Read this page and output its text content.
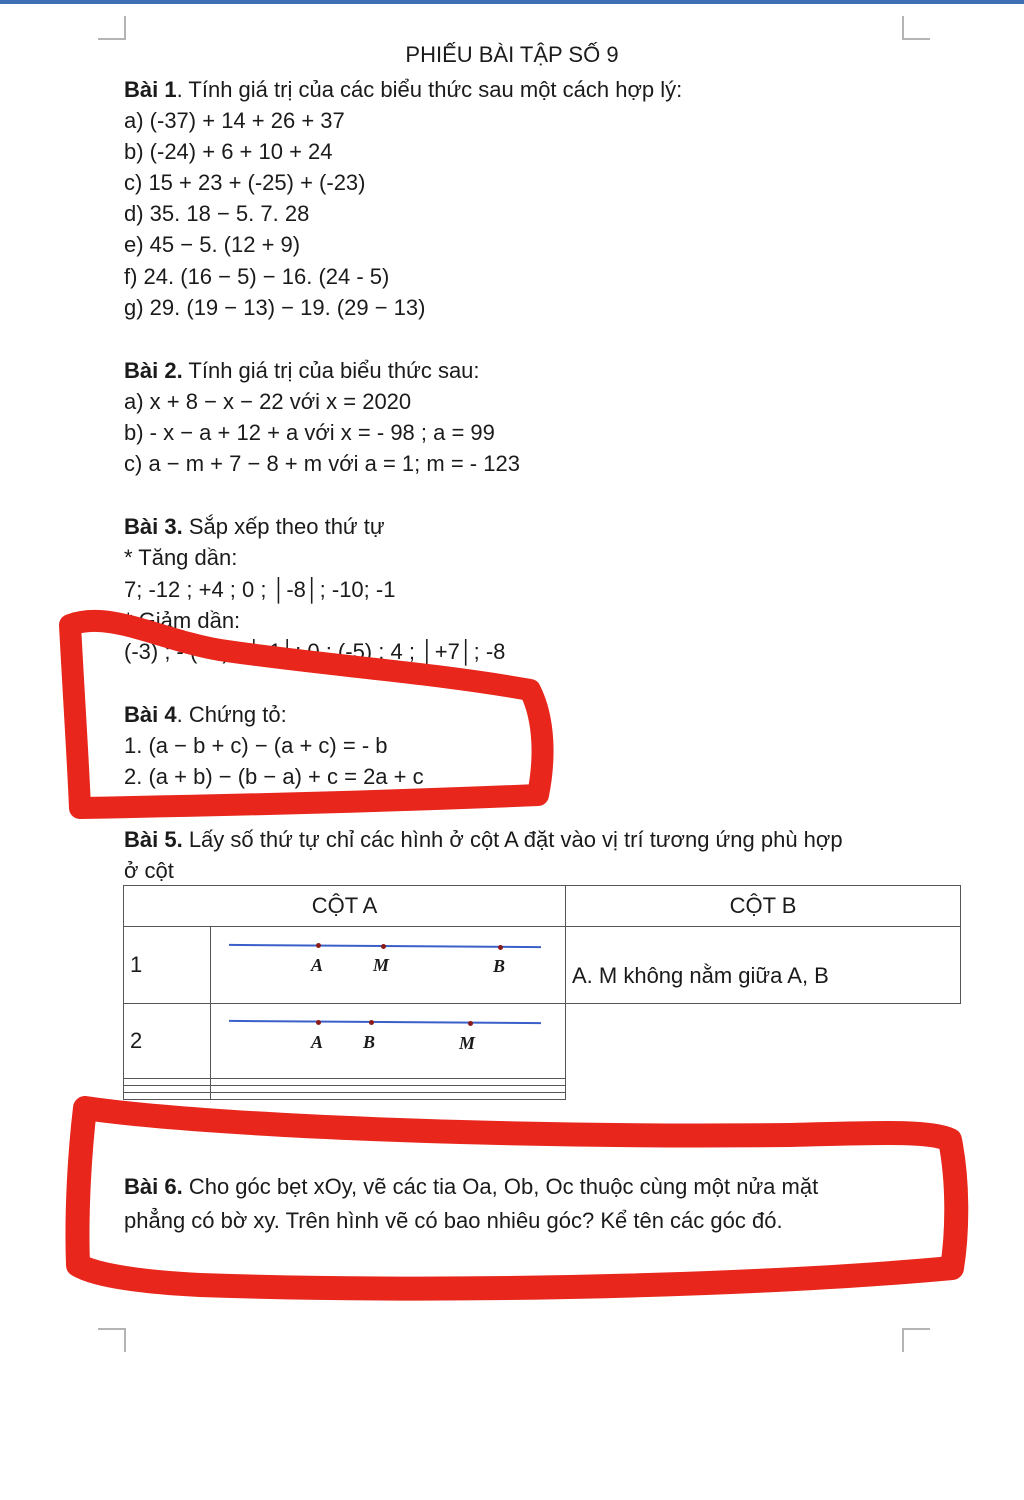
PHIẾU BÀI TẬP SỐ 9
Bài 1. Tính giá trị của các biểu thức sau một cách hợp lý:
a) (-37) + 14 + 26 + 37
b) (-24) + 6 + 10 + 24
c) 15 + 23 + (-25) + (-23)
d) 35. 18 − 5. 7. 28
e) 45 − 5. (12 + 9)
f) 24. (16 − 5) − 16. (24 - 5)
g) 29. (19 − 13) − 19. (29 − 13)
Bài 2. Tính giá trị của biểu thức sau:
a) x + 8 − x − 22 với x = 2020
b) - x − a + 12 + a với x = - 98 ; a = 99
c) a − m + 7 − 8 + m với a = 1; m = - 123
Bài 3. Sắp xếp theo thứ tự
* Tăng dần:
7; -12 ; +4 ; 0 ; │-8│; -10; -1
* Giảm dần:
(-3) ; - (+2) ; │-1│; 0 ; (-5) ; 4 ; │+7│; -8
Bài 4. Chứng tỏ:
1. (a − b + c) − (a + c) = - b
2. (a + b) − (b − a) + c = 2a + c
Bài 5. Lấy số thứ tự chỉ các hình ở cột A đặt vào vị trí tương ứng phù hợp
ở cột
CỘT A		CỘT B
1	A M B	A. M không nằm giữa A, B
2	A B M	

Bài 6. Cho góc bẹt xOy, vẽ các tia Oa, Ob, Oc thuộc cùng một nửa mặt
phẳng có bờ xy. Trên hình vẽ có bao nhiêu góc? Kể tên các góc đó.
